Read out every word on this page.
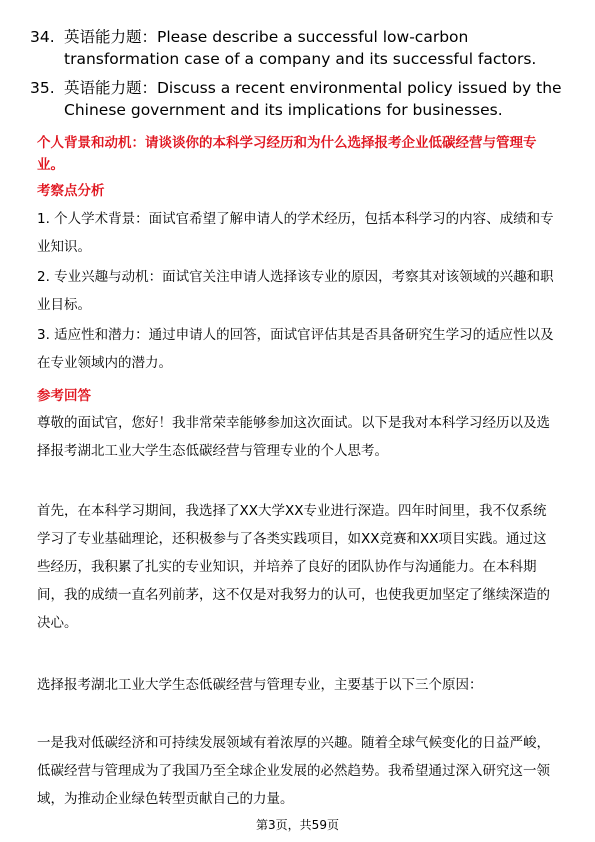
34. 英语能力题：Please describe a successful low-carbon transformation case of a company and its successful factors.
35. 英语能力题：Discuss a recent environmental policy issued by the Chinese government and its implications for businesses.
个人背景和动机：请谈谈你的本科学习经历和为什么选择报考企业低碳经营与管理专业。
考察点分析
1. 个人学术背景：面试官希望了解申请人的学术经历，包括本科学习的内容、成绩和专业知识。
2. 专业兴趣与动机：面试官关注申请人选择该专业的原因，考察其对该领域的兴趣和职业目标。
3. 适应性和潜力：通过申请人的回答，面试官评估其是否具备研究生学习的适应性以及在专业领域内的潜力。
参考回答
尊敬的面试官，您好！我非常荣幸能够参加这次面试。以下是我对本科学习经历以及选择报考湖北工业大学生态低碳经营与管理专业的个人思考。
首先，在本科学习期间，我选择了XX大学XX专业进行深造。四年时间里，我不仅系统学习了专业基础理论，还积极参与了各类实践项目，如XX竞赛和XX项目实践。通过这些经历，我积累了扎实的专业知识，并培养了良好的团队协作与沟通能力。在本科期间，我的成绩一直名列前茅，这不仅是对我努力的认可，也使我更加坚定了继续深造的决心。
选择报考湖北工业大学生态低碳经营与管理专业，主要基于以下三个原因：
一是我对低碳经济和可持续发展领域有着浓厚的兴趣。随着全球气候变化的日益严峻，低碳经营与管理成为了我国乃至全球企业发展的必然趋势。我希望通过深入研究这一领域，为推动企业绿色转型贡献自己的力量。
第3页，共59页
